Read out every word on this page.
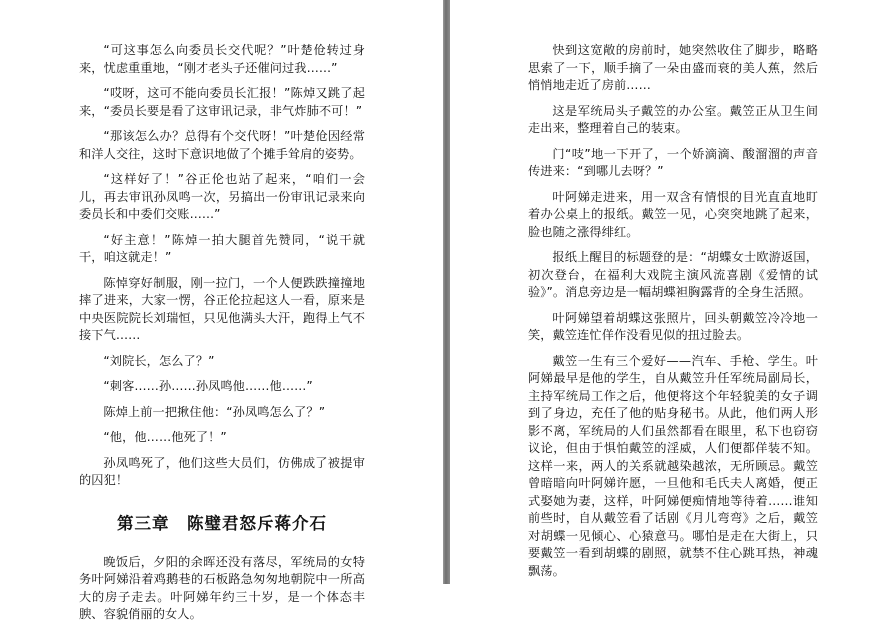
“可这事怎么向委员长交代呢？”叶楚伧转过身来，忧虑重重地，“刚才老头子还催问过我……”

“哎呀，这可不能向委员长汇报！”陈焯又跳了起来，“委员长要是看了这审讯记录，非气炸肺不可！”

“那该怎么办？总得有个交代呀！”叶楚伧因经常和洋人交往，这时下意识地做了个摊手耸肩的姿势。

“这样好了！”谷正伦也站了起来，“咱们一会儿，再去审讯孙凤鸣一次，另搞出一份审讯记录来向委员长和中委们交账……”

“好主意！”陈焯一拍大腿首先赞同，“说干就干，咱这就走！”

陈悼穿好制服，刚一拉门，一个人便跌跌撞撞地摔了进来，大家一愣，谷正伦拉起这人一看，原来是中央医院院长刘瑞恒，只见他满头大汗，跑得上气不接下气……

“刘院长，怎么了？”

“刺客……孙……孙凤鸣他……他……”

陈焯上前一把揪住他：“孙凤鸣怎么了？”

“他，他……他死了！”

孙凤鸣死了，他们这些大员们，仿佛成了被提审的囚犯！

第三章　陈璧君怒斥蒋介石

晚饭后，夕阳的余晖还没有落尽，军统局的女特务叶阿娣沿着鸡鹅巷的石板路急匆匆地朝院中一所高大的房子走去。叶阿娣年约三十岁，是一个体态丰腴、容貌俏丽的女人。

快到这宽敞的房前时，她突然收住了脚步，略略思索了一下，顺手摘了一朵由盛而衰的美人蕉，然后悄悄地走近了房前……

这是军统局头子戴笠的办公室。戴笠正从卫生间走出来，整理着自己的装束。

门“吱”地一下开了，一个娇滴滴、酸溜溜的声音传进来：“到哪儿去呀？”

叶阿娣走进来，用一双含有情恨的目光直直地盯着办公桌上的报纸。戴笠一见，心突突地跳了起来，脸也随之涨得绯红。

报纸上醒目的标题登的是：“胡蝶女士欧游返国，初次登台，在福利大戏院主演风流喜剧《爱情的试验》”。消息旁边是一幅胡蝶袒胸露背的全身生活照。

叶阿娣望着胡蝶这张照片，回头朝戴笠冷冷地一笑，戴笠连忙佯作没看见似的扭过脸去。

戴笠一生有三个爱好——汽车、手枪、学生。叶阿娣最早是他的学生，自从戴笠升任军统局副局长，主持军统局工作之后，他便将这个年轻貌美的女子调到了身边，充任了他的贴身秘书。从此，他们两人形影不离，军统局的人们虽然都看在眼里，私下也窃窃议论，但由于惧怕戴笠的淫威，人们便都佯装不知。这样一来，两人的关系就越染越浓，无所顾忌。戴笠曾暗暗向叶阿娣许愿，一旦他和毛氏夫人离婚，便正式娶她为妻，这样，叶阿娣便痴情地等待着……谁知前些时，自从戴笠看了话剧《月儿弯弯》之后，戴笠对胡蝶一见倾心、心猿意马。哪怕是走在大街上，只要戴笠一看到胡蝶的剧照，就禁不住心跳耳热，神魂飘荡。
